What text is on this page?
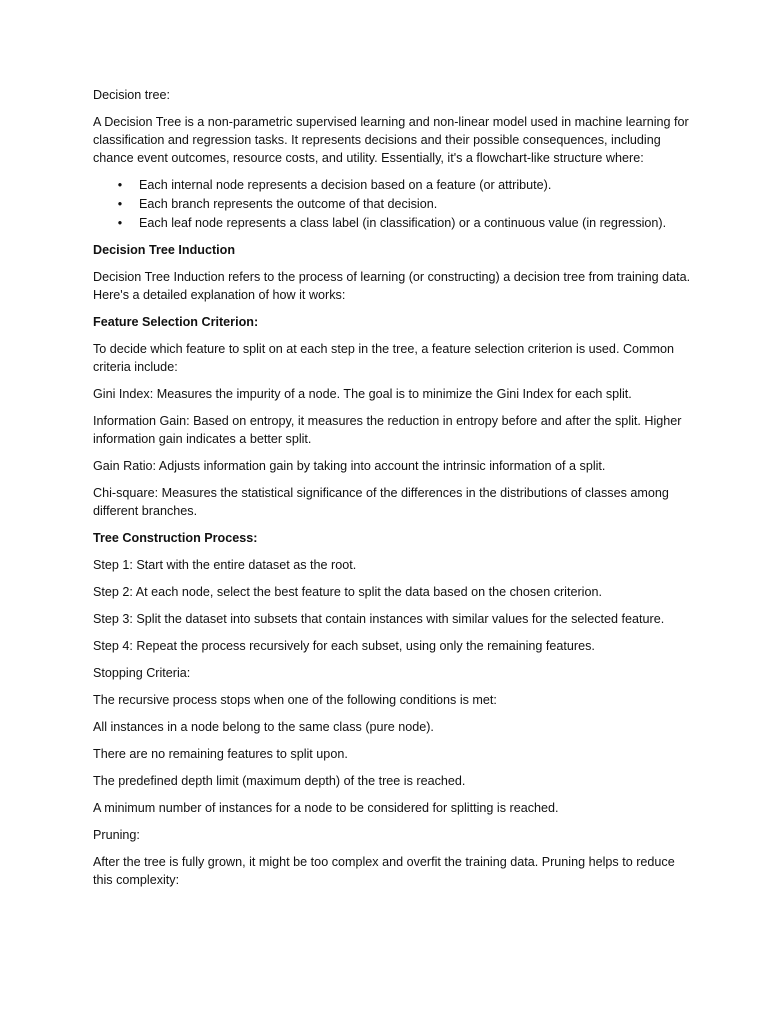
Decision tree:

A Decision Tree is a non-parametric supervised learning and non-linear model used in machine learning for classification and regression tasks. It represents decisions and their possible consequences, including chance event outcomes, resource costs, and utility. Essentially, it's a flowchart-like structure where:

• Each internal node represents a decision based on a feature (or attribute).
• Each branch represents the outcome of that decision.
• Each leaf node represents a class label (in classification) or a continuous value (in regression).

Decision Tree Induction

Decision Tree Induction refers to the process of learning (or constructing) a decision tree from training data. Here's a detailed explanation of how it works:

Feature Selection Criterion:

To decide which feature to split on at each step in the tree, a feature selection criterion is used. Common criteria include:

Gini Index: Measures the impurity of a node. The goal is to minimize the Gini Index for each split.

Information Gain: Based on entropy, it measures the reduction in entropy before and after the split. Higher information gain indicates a better split.

Gain Ratio: Adjusts information gain by taking into account the intrinsic information of a split.

Chi-square: Measures the statistical significance of the differences in the distributions of classes among different branches.

Tree Construction Process:

Step 1: Start with the entire dataset as the root.

Step 2: At each node, select the best feature to split the data based on the chosen criterion.

Step 3: Split the dataset into subsets that contain instances with similar values for the selected feature.

Step 4: Repeat the process recursively for each subset, using only the remaining features.

Stopping Criteria:

The recursive process stops when one of the following conditions is met:

All instances in a node belong to the same class (pure node).

There are no remaining features to split upon.

The predefined depth limit (maximum depth) of the tree is reached.

A minimum number of instances for a node to be considered for splitting is reached.

Pruning:

After the tree is fully grown, it might be too complex and overfit the training data. Pruning helps to reduce this complexity:
